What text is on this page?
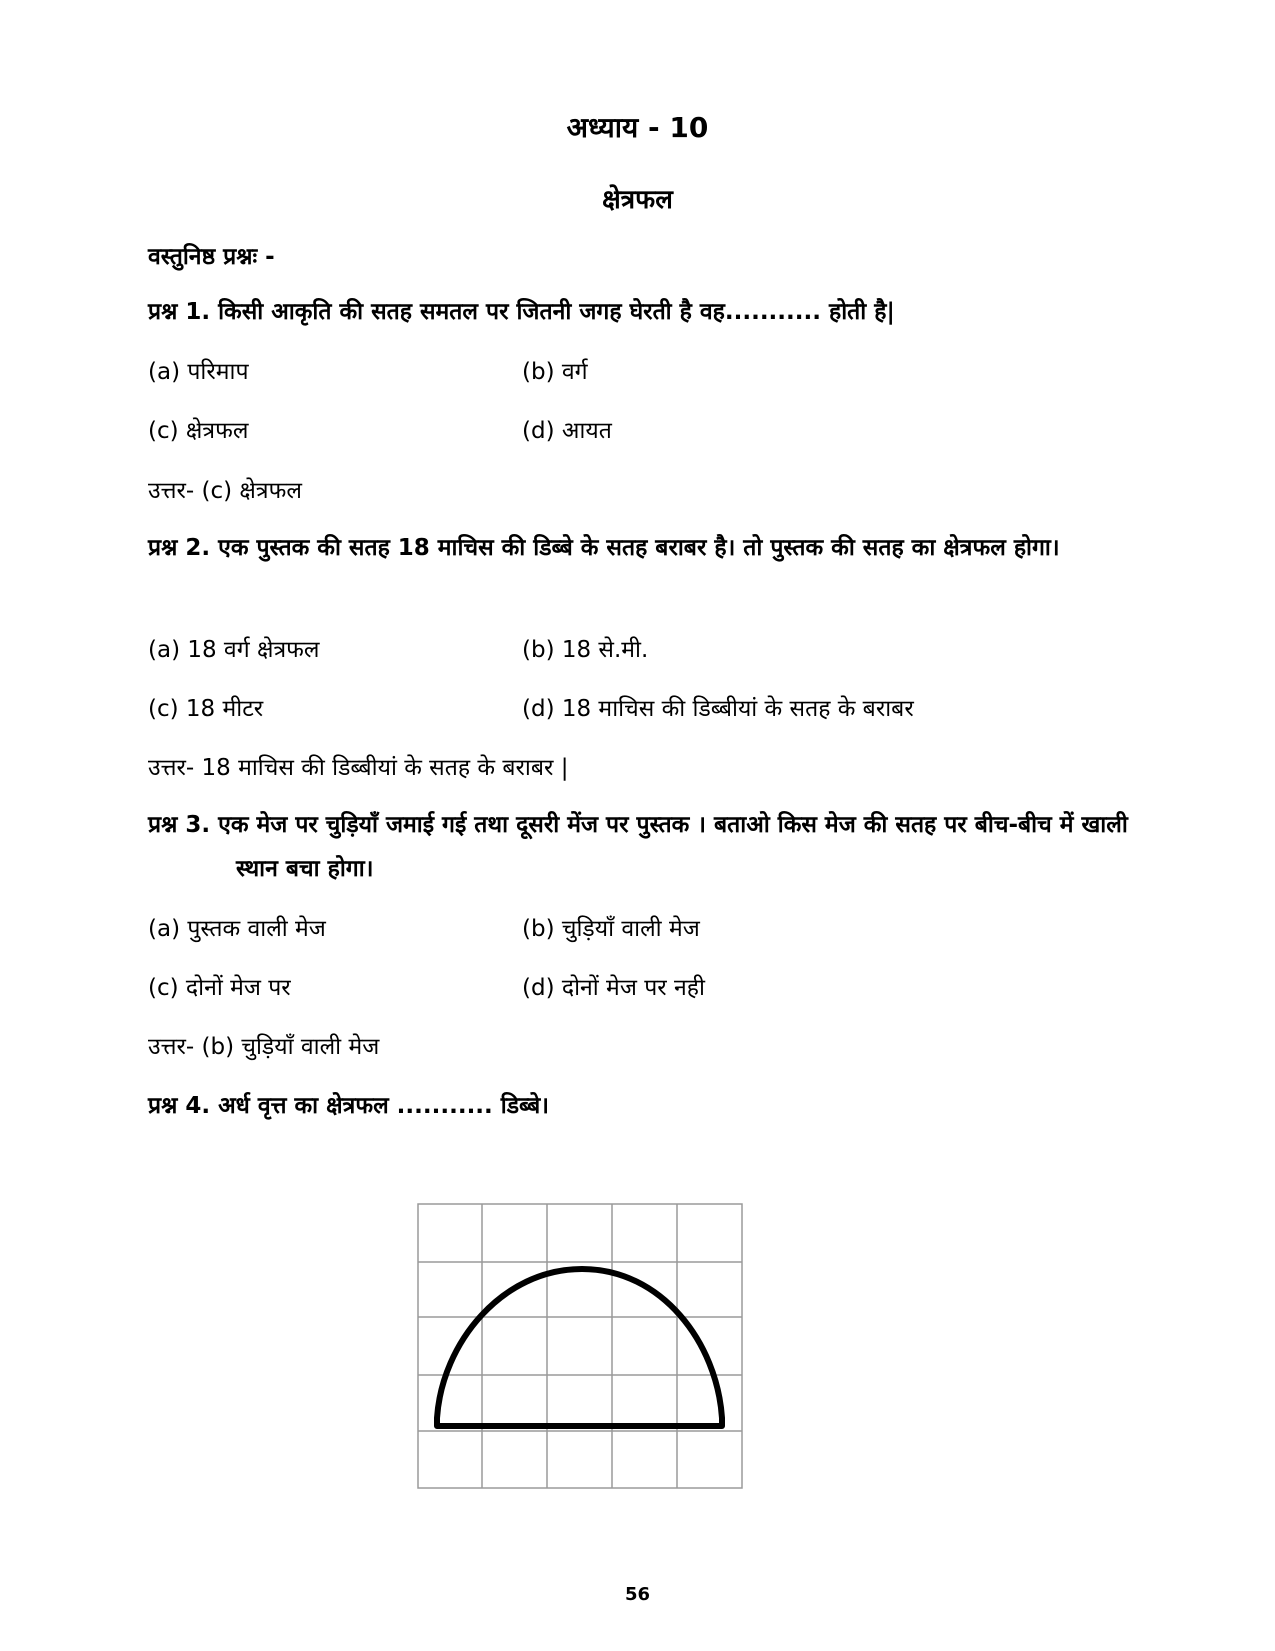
अध्याय - 10
क्षेत्रफल
वस्तुनिष्ठ प्रश्नः -
प्रश्न 1. किसी आकृति की सतह समतल पर जितनी जगह घेरती है वह........... होती है|
(a) परिमाप	(b) वर्ग
(c) क्षेत्रफल	(d) आयत
उत्तर- (c) क्षेत्रफल
प्रश्न 2. एक पुस्तक की सतह 18 माचिस की डिब्बे के सतह बराबर है। तो पुस्तक की सतह का क्षेत्रफल होगा।
(a) 18 वर्ग क्षेत्रफल	(b) 18 से.मी.
(c) 18 मीटर	(d) 18 माचिस की डिब्बीयां के सतह के बराबर
उत्तर- 18 माचिस की डिब्बीयां के सतह के बराबर |
प्रश्न 3. एक मेज पर चुड़ियाँ जमाई गई तथा दूसरी मेंज पर पुस्तक । बताओ किस मेज की सतह पर बीच-बीच में खाली स्थान बचा होगा।
(a) पुस्तक वाली मेज	(b) चुड़ियाँ वाली मेज
(c) दोनों मेज पर	(d) दोनों मेज पर नही
उत्तर- (b) चुड़ियाँ वाली मेज
प्रश्न 4. अर्ध वृत्त का क्षेत्रफल ........... डिब्बे।
56
